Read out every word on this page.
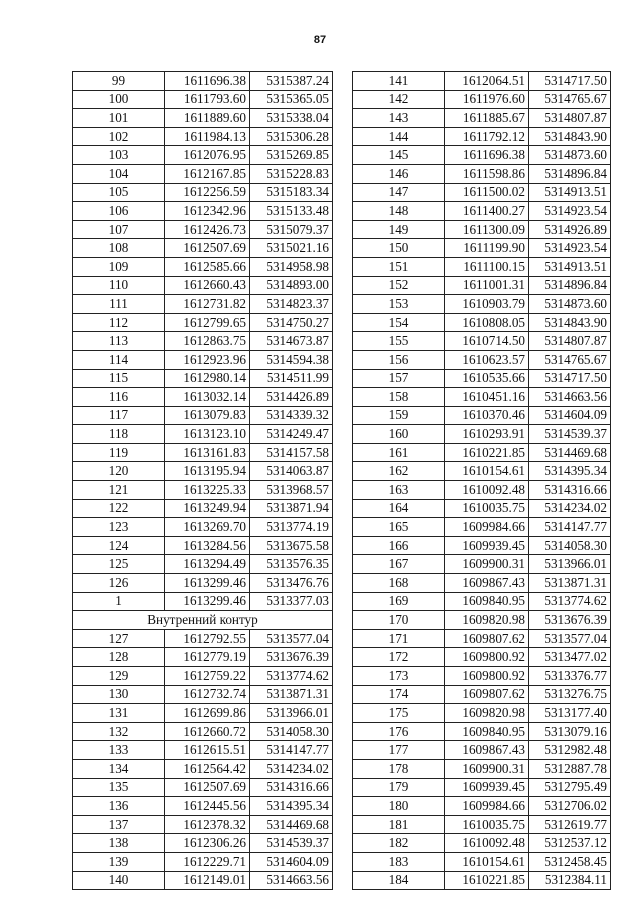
87
99	1611696.38	5315387.24
100	1611793.60	5315365.05
101	1611889.60	5315338.04
102	1611984.13	5315306.28
103	1612076.95	5315269.85
104	1612167.85	5315228.83
105	1612256.59	5315183.34
106	1612342.96	5315133.48
107	1612426.73	5315079.37
108	1612507.69	5315021.16
109	1612585.66	5314958.98
110	1612660.43	5314893.00
111	1612731.82	5314823.37
112	1612799.65	5314750.27
113	1612863.75	5314673.87
114	1612923.96	5314594.38
115	1612980.14	5314511.99
116	1613032.14	5314426.89
117	1613079.83	5314339.32
118	1613123.10	5314249.47
119	1613161.83	5314157.58
120	1613195.94	5314063.87
121	1613225.33	5313968.57
122	1613249.94	5313871.94
123	1613269.70	5313774.19
124	1613284.56	5313675.58
125	1613294.49	5313576.35
126	1613299.46	5313476.76
1	1613299.46	5313377.03
Внутренний контур		
127	1612792.55	5313577.04
128	1612779.19	5313676.39
129	1612759.22	5313774.62
130	1612732.74	5313871.31
131	1612699.86	5313966.01
132	1612660.72	5314058.30
133	1612615.51	5314147.77
134	1612564.42	5314234.02
135	1612507.69	5314316.66
136	1612445.56	5314395.34
137	1612378.32	5314469.68
138	1612306.26	5314539.37
139	1612229.71	5314604.09
140	1612149.01	5314663.56
141	1612064.51	5314717.50
142	1611976.60	5314765.67
143	1611885.67	5314807.87
144	1611792.12	5314843.90
145	1611696.38	5314873.60
146	1611598.86	5314896.84
147	1611500.02	5314913.51
148	1611400.27	5314923.54
149	1611300.09	5314926.89
150	1611199.90	5314923.54
151	1611100.15	5314913.51
152	1611001.31	5314896.84
153	1610903.79	5314873.60
154	1610808.05	5314843.90
155	1610714.50	5314807.87
156	1610623.57	5314765.67
157	1610535.66	5314717.50
158	1610451.16	5314663.56
159	1610370.46	5314604.09
160	1610293.91	5314539.37
161	1610221.85	5314469.68
162	1610154.61	5314395.34
163	1610092.48	5314316.66
164	1610035.75	5314234.02
165	1609984.66	5314147.77
166	1609939.45	5314058.30
167	1609900.31	5313966.01
168	1609867.43	5313871.31
169	1609840.95	5313774.62
170	1609820.98	5313676.39
171	1609807.62	5313577.04
172	1609800.92	5313477.02
173	1609800.92	5313376.77
174	1609807.62	5313276.75
175	1609820.98	5313177.40
176	1609840.95	5313079.16
177	1609867.43	5312982.48
178	1609900.31	5312887.78
179	1609939.45	5312795.49
180	1609984.66	5312706.02
181	1610035.75	5312619.77
182	1610092.48	5312537.12
183	1610154.61	5312458.45
184	1610221.85	5312384.11
